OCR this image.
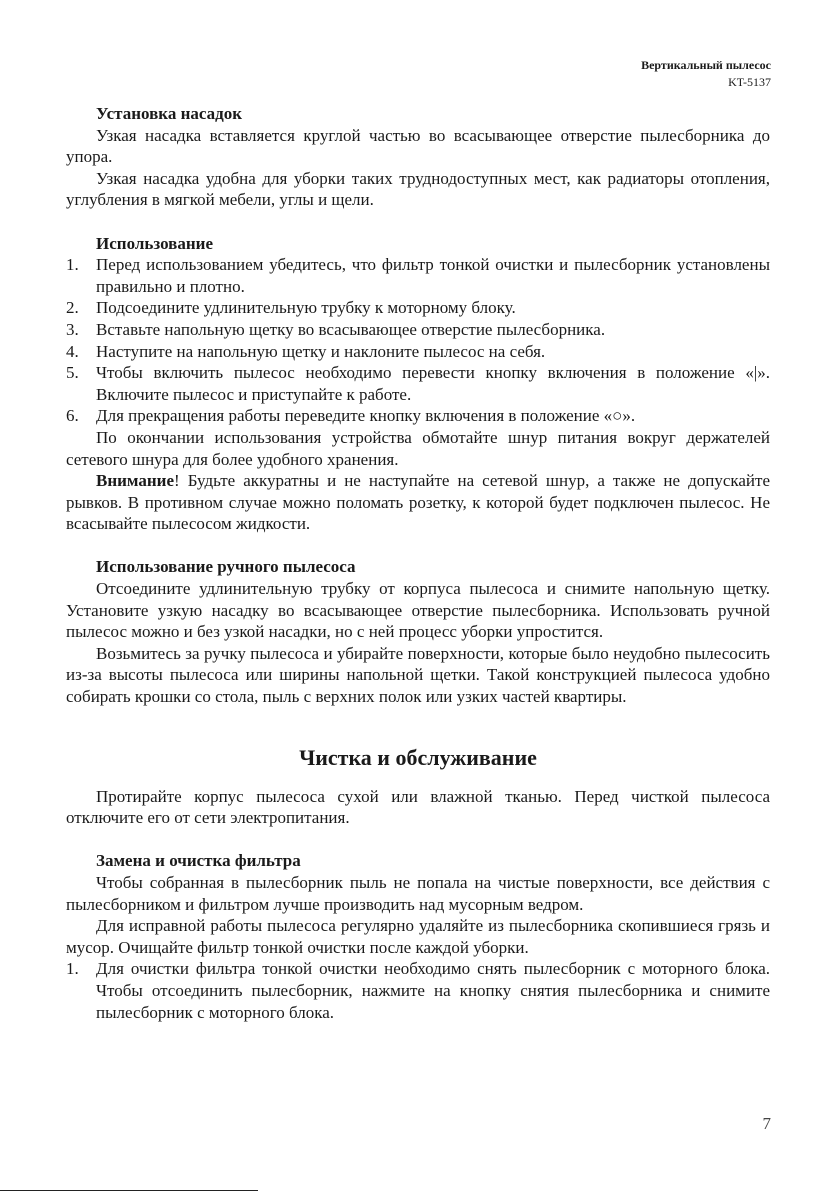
Вертикальный пылесос
KT-5137
Установка насадок

Узкая насадка вставляется круглой частью во всасывающее отверстие пылесборника до упора.

Узкая насадка удобна для уборки таких труднодоступных мест, как радиаторы отопления, углубления в мягкой мебели, углы и щели.

Использование
1. Перед использованием убедитесь, что фильтр тонкой очистки и пылесборник установлены правильно и плотно.
2. Подсоедините удлинительную трубку к моторному блоку.
3. Вставьте напольную щетку во всасывающее отверстие пылесборника.
4. Наступите на напольную щетку и наклоните пылесос на себя.
5. Чтобы включить пылесос необходимо перевести кнопку включения в положение «|». Включите пылесос и приступайте к работе.
6. Для прекращения работы переведите кнопку включения в положение «○».

По окончании использования устройства обмотайте шнур питания вокруг держателей сетевого шнура для более удобного хранения.

Внимание! Будьте аккуратны и не наступайте на сетевой шнур, а также не допускайте рывков. В противном случае можно поломать розетку, к которой будет подключен пылесос. Не всасывайте пылесосом жидкости.

Использование ручного пылесоса

Отсоедините удлинительную трубку от корпуса пылесоса и снимите напольную щетку. Установите узкую насадку во всасывающее отверстие пылесборника. Использовать ручной пылесос можно и без узкой насадки, но с ней процесс уборки упростится.

Возьмитесь за ручку пылесоса и убирайте поверхности, которые было неудобно пылесосить из-за высоты пылесоса или ширины напольной щетки. Такой конструкцией пылесоса удобно собирать крошки со стола, пыль с верхних полок или узких частей квартиры.

Чистка и обслуживание

Протирайте корпус пылесоса сухой или влажной тканью. Перед чисткой пылесоса отключите его от сети электропитания.

Замена и очистка фильтра

Чтобы собранная в пылесборник пыль не попала на чистые поверхности, все действия с пылесборником и фильтром лучше производить над мусорным ведром.

Для исправной работы пылесоса регулярно удаляйте из пылесборника скопившиеся грязь и мусор. Очищайте фильтр тонкой очистки после каждой уборки.

1. Для очистки фильтра тонкой очистки необходимо снять пылесборник с моторного блока. Чтобы отсоединить пылесборник, нажмите на кнопку снятия пылесборника и снимите пылесборник с моторного блока.
7
